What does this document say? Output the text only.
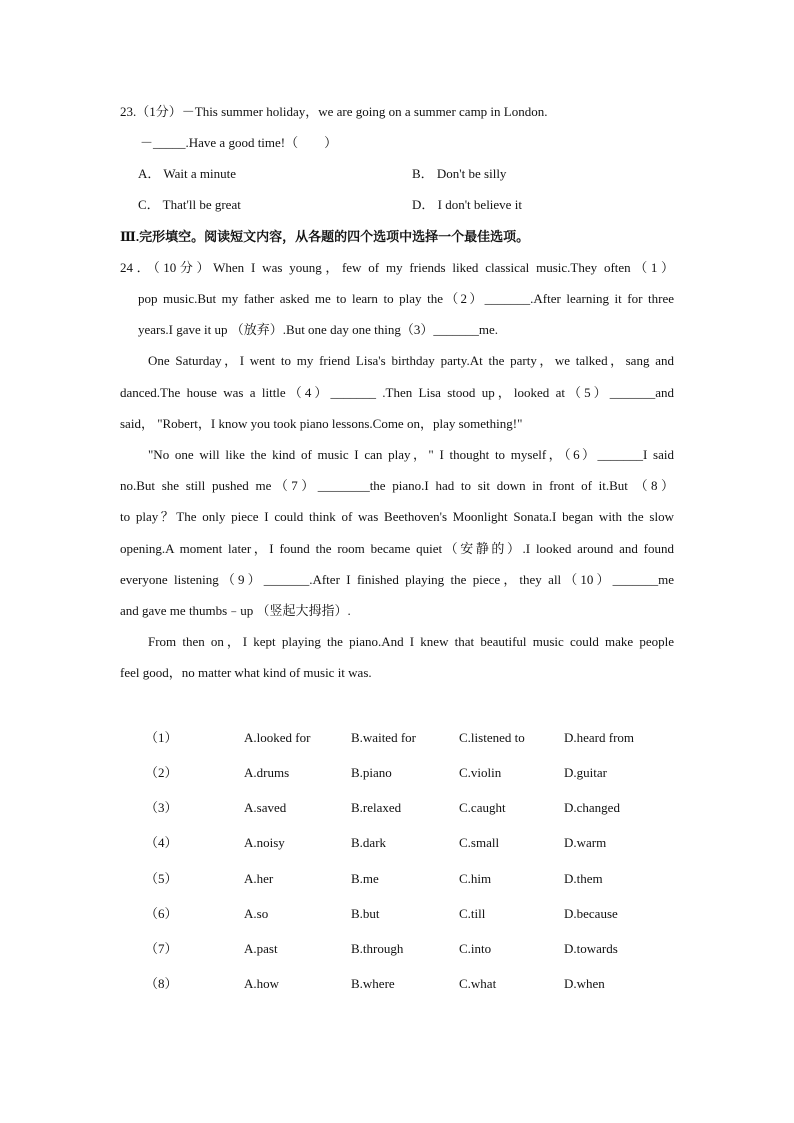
23.（1分）－This summer holiday，we are going on a summer camp in London.
－_____.Have a good time!（　　）
A． Wait a minute	B． Don't be silly
C． That'll be great	D． I don't believe it
Ⅲ.完形填空。阅读短文内容，从各题的四个选项中选择一个最佳选项。
24．（10分）When I was young，few of my friends liked classical music.They often（1）
pop music.But my father asked me to learn to play the（2）_______.After learning it for three
years.I gave it up （放弃）.But one day one thing（3）_______me.
One Saturday，I went to my friend Lisa's birthday party.At the party，we talked，sang and
danced.The house was a little（4）_______ .Then Lisa stood up，looked at（5）_______and
said， "Robert，I know you took piano lessons.Come on，play something!"
"No one will like the kind of music I can play，" I thought to myself，（6）_______I said
no.But she still pushed me（7）________the piano.I had to sit down in front of it.But （8）
to play？The only piece I could think of was Beethoven's Moonlight Sonata.I began with the slow
opening.A moment later，I found the room became quiet（安静的）.I looked around and found
everyone listening（9）_______.After I finished playing the piece，they all（10）_______me
and gave me thumbs﹣up （竖起大拇指）.
From then on，I kept playing the piano.And I knew that beautiful music could make people
feel good，no matter what kind of music it was.
（1）	A.looked for	B.waited for	C.listened to	D.heard from
（2）	A.drums	B.piano	C.violin	D.guitar
（3）	A.saved	B.relaxed	C.caught	D.changed
（4）	A.noisy	B.dark	C.small	D.warm
（5）	A.her	B.me	C.him	D.them
（6）	A.so	B.but	C.till	D.because
（7）	A.past	B.through	C.into	D.towards
（8）	A.how	B.where	C.what	D.when
